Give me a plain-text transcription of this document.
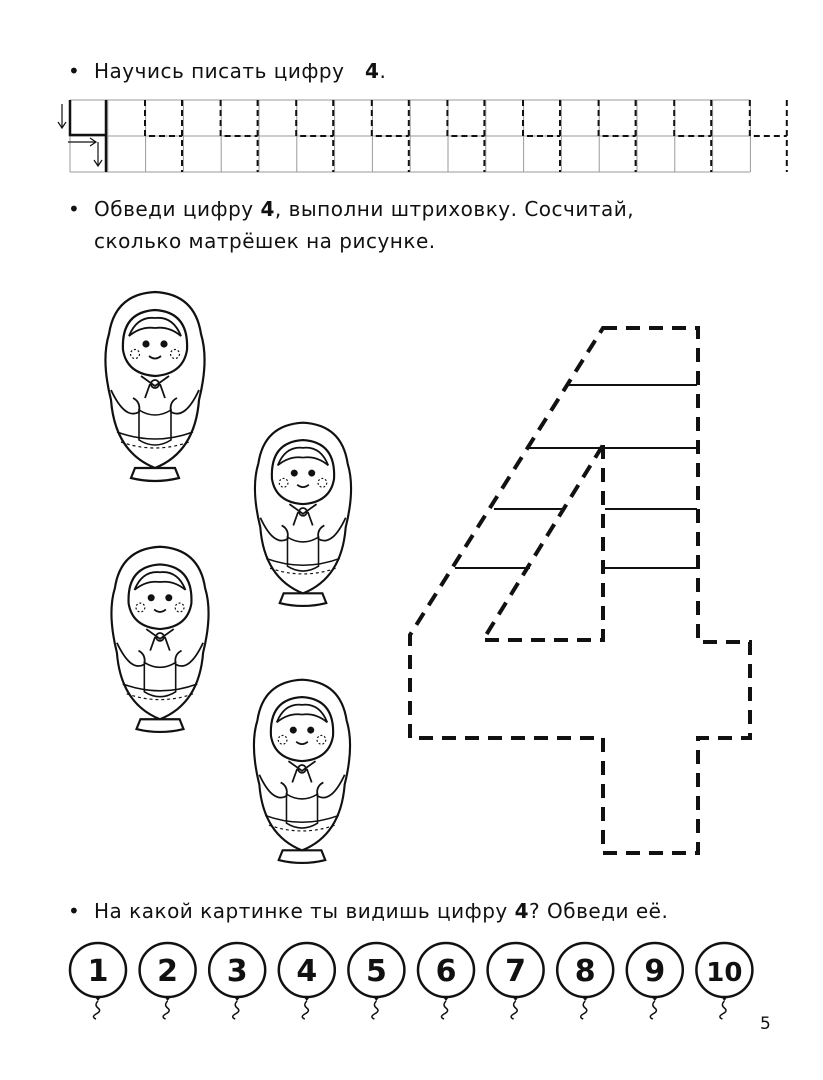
• Научись писать цифру 4.
• Обведи цифру 4, выполни штриховку. Сосчитай,
сколько матрёшек на рисунке.
• На какой картинке ты видишь цифру 4? Обведи её.
1 2 3 4 5 6 7 8 9 10
5
